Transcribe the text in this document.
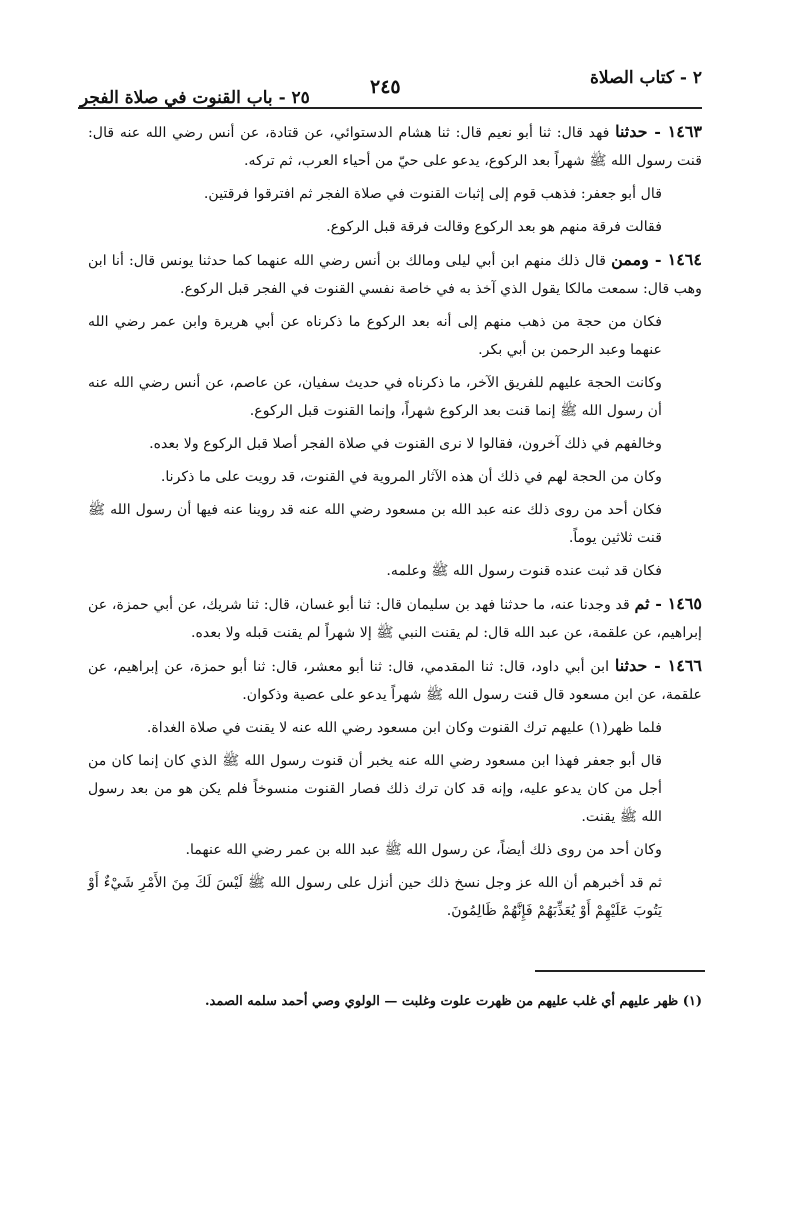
٢ - كتاب الصلاة
٢٤٥
٢٥ - باب القنوت في صلاة الفجر

١٤٦٣ - حدثنا فهد قال: ثنا أبو نعيم قال: ثنا هشام الدستوائي، عن قتادة، عن أنس رضي الله عنه قال: قنت رسول الله ﷺ شهراً بعد الركوع، يدعو على حيّ من أحياء العرب، ثم تركه.

قال أبو جعفر: فذهب قوم إلى إثبات القنوت في صلاة الفجر ثم افترقوا فرقتين.

فقالت فرقة منهم هو بعد الركوع وقالت فرقة قبل الركوع.

١٤٦٤ - وممن قال ذلك منهم ابن أبي ليلى ومالك بن أنس رضي الله عنهما كما حدثنا يونس قال: أنا ابن وهب قال: سمعت مالكا يقول الذي آخذ به في خاصة نفسي القنوت في الفجر قبل الركوع.

فكان من حجة من ذهب منهم إلى أنه بعد الركوع ما ذكرناه عن أبي هريرة وابن عمر رضي الله عنهما وعبد الرحمن بن أبي بكر.

وكانت الحجة عليهم للفريق الآخر، ما ذكرناه في حديث سفيان، عن عاصم، عن أنس رضي الله عنه أن رسول الله ﷺ إنما قنت بعد الركوع شهراً، وإنما القنوت قبل الركوع.

وخالفهم في ذلك آخرون، فقالوا لا نرى القنوت في صلاة الفجر أصلا قبل الركوع ولا بعده.

وكان من الحجة لهم في ذلك أن هذه الآثار المروية في القنوت، قد رويت على ما ذكرنا.

فكان أحد من روى ذلك عنه عبد الله بن مسعود رضي الله عنه قد روينا عنه فيها أن رسول الله ﷺ قنت ثلاثين يوماً.

فكان قد ثبت عنده قنوت رسول الله ﷺ وعلمه.

١٤٦٥ - ثم قد وجدنا عنه، ما حدثنا فهد بن سليمان قال: ثنا أبو غسان، قال: ثنا شريك، عن أبي حمزة، عن إبراهيم، عن علقمة، عن عبد الله قال: لم يقنت النبي ﷺ إلا شهراً لم يقنت قبله ولا بعده.

١٤٦٦ - حدثنا ابن أبي داود، قال: ثنا المقدمي، قال: ثنا أبو معشر، قال: ثنا أبو حمزة، عن إبراهيم، عن علقمة، عن ابن مسعود قال قنت رسول الله ﷺ شهراً يدعو على عصية وذكوان.

فلما ظهر(١) عليهم ترك القنوت وكان ابن مسعود رضي الله عنه لا يقنت في صلاة الغداة.

قال أبو جعفر فهذا ابن مسعود رضي الله عنه يخبر أن قنوت رسول الله ﷺ الذي كان إنما كان من أجل من كان يدعو عليه، وإنه قد كان ترك ذلك فصار القنوت منسوخاً فلم يكن هو من بعد رسول الله ﷺ يقنت.

وكان أحد من روى ذلك أيضاً، عن رسول الله ﷺ عبد الله بن عمر رضي الله عنهما.

ثم قد أخبرهم أن الله عز وجل نسخ ذلك حين أنزل على رسول الله ﷺ لَيْسَ لَكَ مِنَ الأَمْرِ شَيْءٌ أَوْ يَتُوبَ عَلَيْهِمْ أَوْ يُعَذِّبَهُمْ فَإِنَّهُمْ ظَالِمُونَ.

(١) ظهر عليهم أي غلب عليهم من ظهرت علوت وغلبت — الولوي وصي أحمد سلمه الصمد.
